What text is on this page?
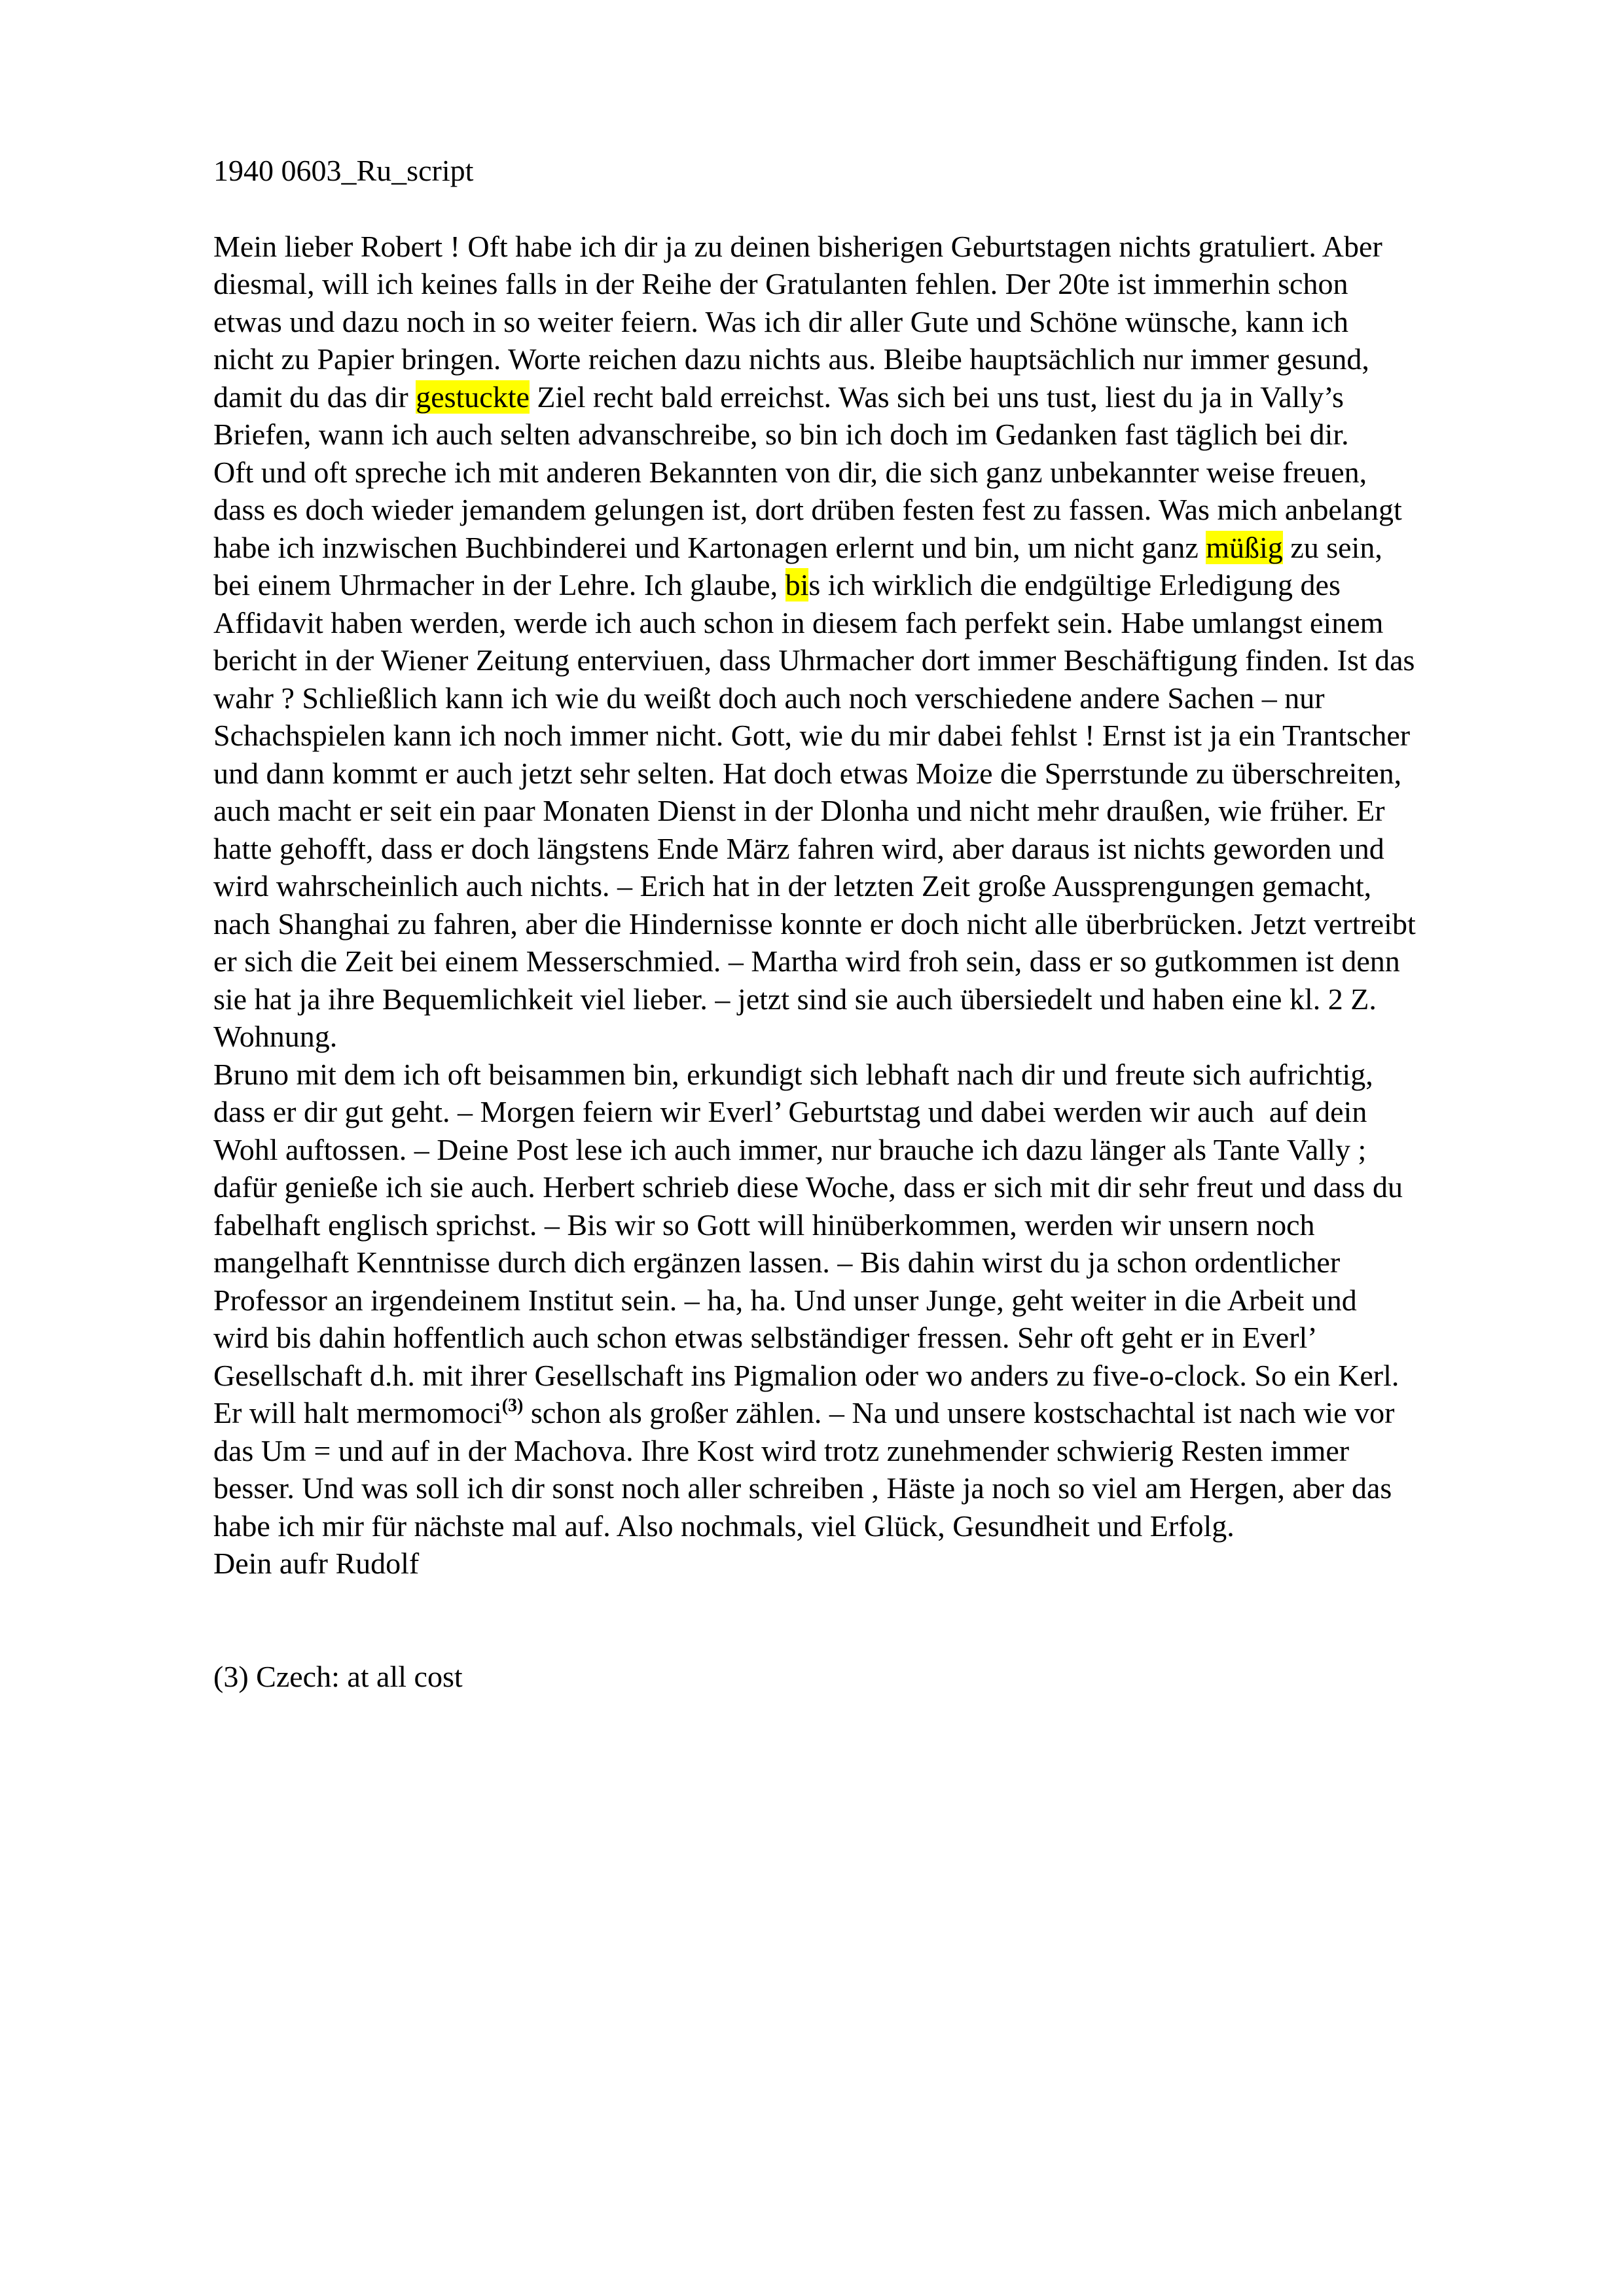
1940 0603_Ru_script
Mein lieber Robert ! Oft habe ich dir ja zu deinen bisherigen Geburtstagen nichts gratuliert. Aber
diesmal, will ich keines falls in der Reihe der Gratulanten fehlen. Der 20te ist immerhin schon
etwas und dazu noch in so weiter feiern. Was ich dir aller Gute und Schöne wünsche, kann ich
nicht zu Papier bringen. Worte reichen dazu nichts aus. Bleibe hauptsächlich nur immer gesund,
damit du das dir gestuckte Ziel recht bald erreichst. Was sich bei uns tust, liest du ja in Vally’s
Briefen, wann ich auch selten advanschreibe, so bin ich doch im Gedanken fast täglich bei dir.
Oft und oft spreche ich mit anderen Bekannten von dir, die sich ganz unbekannter weise freuen,
dass es doch wieder jemandem gelungen ist, dort drüben festen fest zu fassen. Was mich anbelangt
habe ich inzwischen Buchbinderei und Kartonagen erlernt und bin, um nicht ganz müßig zu sein,
bei einem Uhrmacher in der Lehre. Ich glaube, bis ich wirklich die endgültige Erledigung des
Affidavit haben werden, werde ich auch schon in diesem fach perfekt sein. Habe umlangst einem
bericht in der Wiener Zeitung enterviuen, dass Uhrmacher dort immer Beschäftigung finden. Ist das
wahr ? Schließlich kann ich wie du weißt doch auch noch verschiedene andere Sachen – nur
Schachspielen kann ich noch immer nicht. Gott, wie du mir dabei fehlst ! Ernst ist ja ein Trantscher
und dann kommt er auch jetzt sehr selten. Hat doch etwas Moize die Sperrstunde zu überschreiten,
auch macht er seit ein paar Monaten Dienst in der Dlonha und nicht mehr draußen, wie früher. Er
hatte gehofft, dass er doch längstens Ende März fahren wird, aber daraus ist nichts geworden und
wird wahrscheinlich auch nichts. – Erich hat in der letzten Zeit große Aussprengungen gemacht,
nach Shanghai zu fahren, aber die Hindernisse konnte er doch nicht alle überbrücken. Jetzt vertreibt
er sich die Zeit bei einem Messerschmied. – Martha wird froh sein, dass er so gutkommen ist denn
sie hat ja ihre Bequemlichkeit viel lieber. – jetzt sind sie auch übersiedelt und haben eine kl. 2 Z.
Wohnung.
Bruno mit dem ich oft beisammen bin, erkundigt sich lebhaft nach dir und freute sich aufrichtig,
dass er dir gut geht. – Morgen feiern wir Everl’ Geburtstag und dabei werden wir auch  auf dein
Wohl auftossen. – Deine Post lese ich auch immer, nur brauche ich dazu länger als Tante Vally ;
dafür genieße ich sie auch. Herbert schrieb diese Woche, dass er sich mit dir sehr freut und dass du
fabelhaft englisch sprichst. – Bis wir so Gott will hinüberkommen, werden wir unsern noch
mangelhaft Kenntnisse durch dich ergänzen lassen. – Bis dahin wirst du ja schon ordentlicher
Professor an irgendeinem Institut sein. – ha, ha. Und unser Junge, geht weiter in die Arbeit und
wird bis dahin hoffentlich auch schon etwas selbständiger fressen. Sehr oft geht er in Everl’
Gesellschaft d.h. mit ihrer Gesellschaft ins Pigmalion oder wo anders zu five-o-clock. So ein Kerl.
Er will halt mermomoci$^{(3)}$ schon als großer zählen. – Na und unsere kostschachtal ist nach wie vor
das Um = und auf in der Machova. Ihre Kost wird trotz zunehmender schwierig Resten immer
besser. Und was soll ich dir sonst noch aller schreiben , Häste ja noch so viel am Hergen, aber das
habe ich mir für nächste mal auf. Also nochmals, viel Glück, Gesundheit und Erfolg.
Dein aufr Rudolf
(3) Czech: at all cost
